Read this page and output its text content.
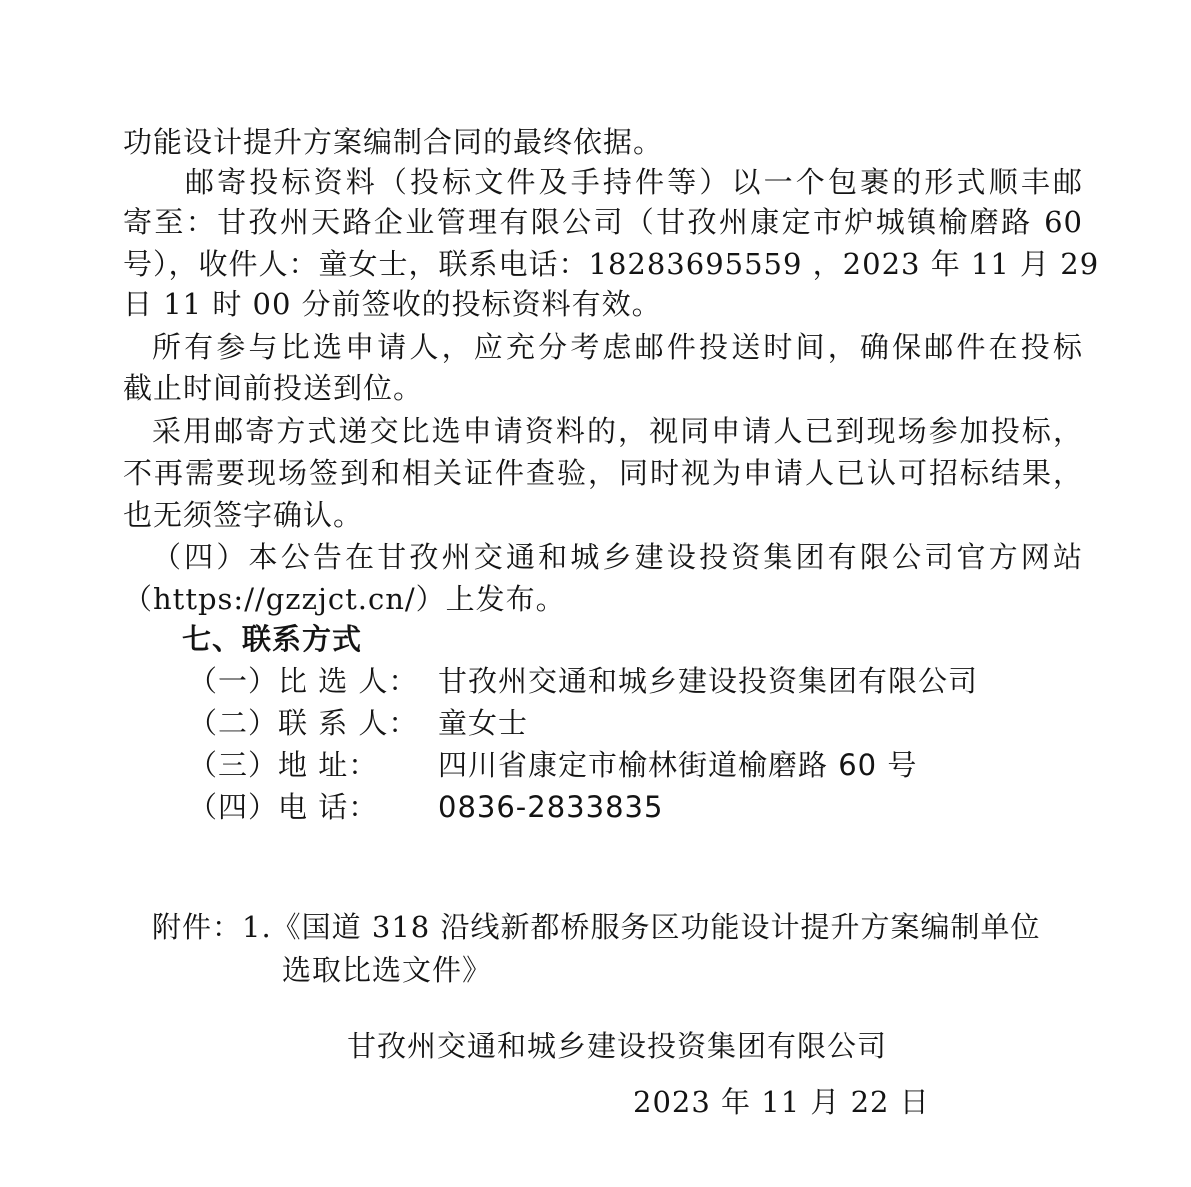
功能设计提升方案编制合同的最终依据。
邮寄投标资料（投标文件及手持件等）以一个包裹的形式顺丰邮
寄至：甘孜州天路企业管理有限公司（甘孜州康定市炉城镇榆磨路 60
号），收件人：童女士，联系电话：18283695559 ，2023 年 11 月 29
日 11 时 00 分前签收的投标资料有效。
所有参与比选申请人，应充分考虑邮件投送时间，确保邮件在投标
截止时间前投送到位。
采用邮寄方式递交比选申请资料的，视同申请人已到现场参加投标，
不再需要现场签到和相关证件查验，同时视为申请人已认可招标结果，
也无须签字确认。
（四）本公告在甘孜州交通和城乡建设投资集团有限公司官方网站
（https://gzzjct.cn/）上发布。
七、联系方式
（一）比 选 人： 甘孜州交通和城乡建设投资集团有限公司
（二）联 系 人： 童女士
（三）地 址： 四川省康定市榆林街道榆磨路 60 号
（四）电 话： 0836-2833835
附件：1.《国道 318 沿线新都桥服务区功能设计提升方案编制单位
选取比选文件》
甘孜州交通和城乡建设投资集团有限公司
2023 年 11 月 22 日
